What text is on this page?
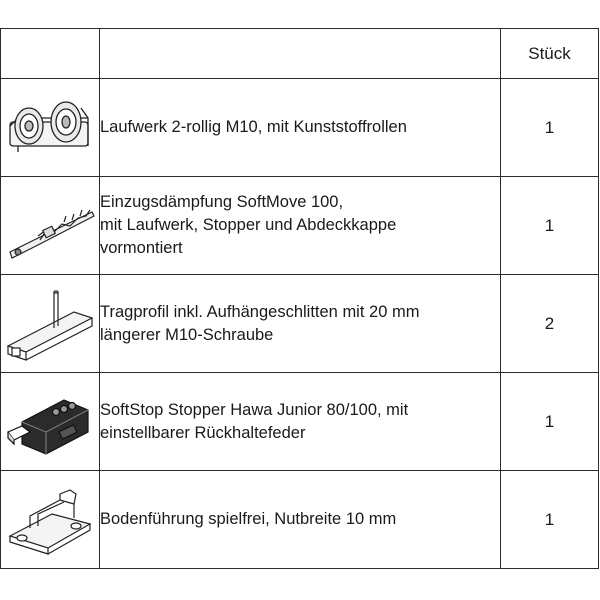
		Stück

Laufwerk 2-rollig M10, mit Kunststoffrollen	1

Einzugsdämpfung SoftMove 100,
mit Laufwerk, Stopper und Abdeckkappe
vormontiert	1

Tragprofil inkl. Aufhängeschlitten mit 20 mm
längerer M10-Schraube	2

SoftStop Stopper Hawa Junior 80/100, mit
einstellbarer Rückhaltefeder	1

Bodenführung spielfrei, Nutbreite 10 mm	1
